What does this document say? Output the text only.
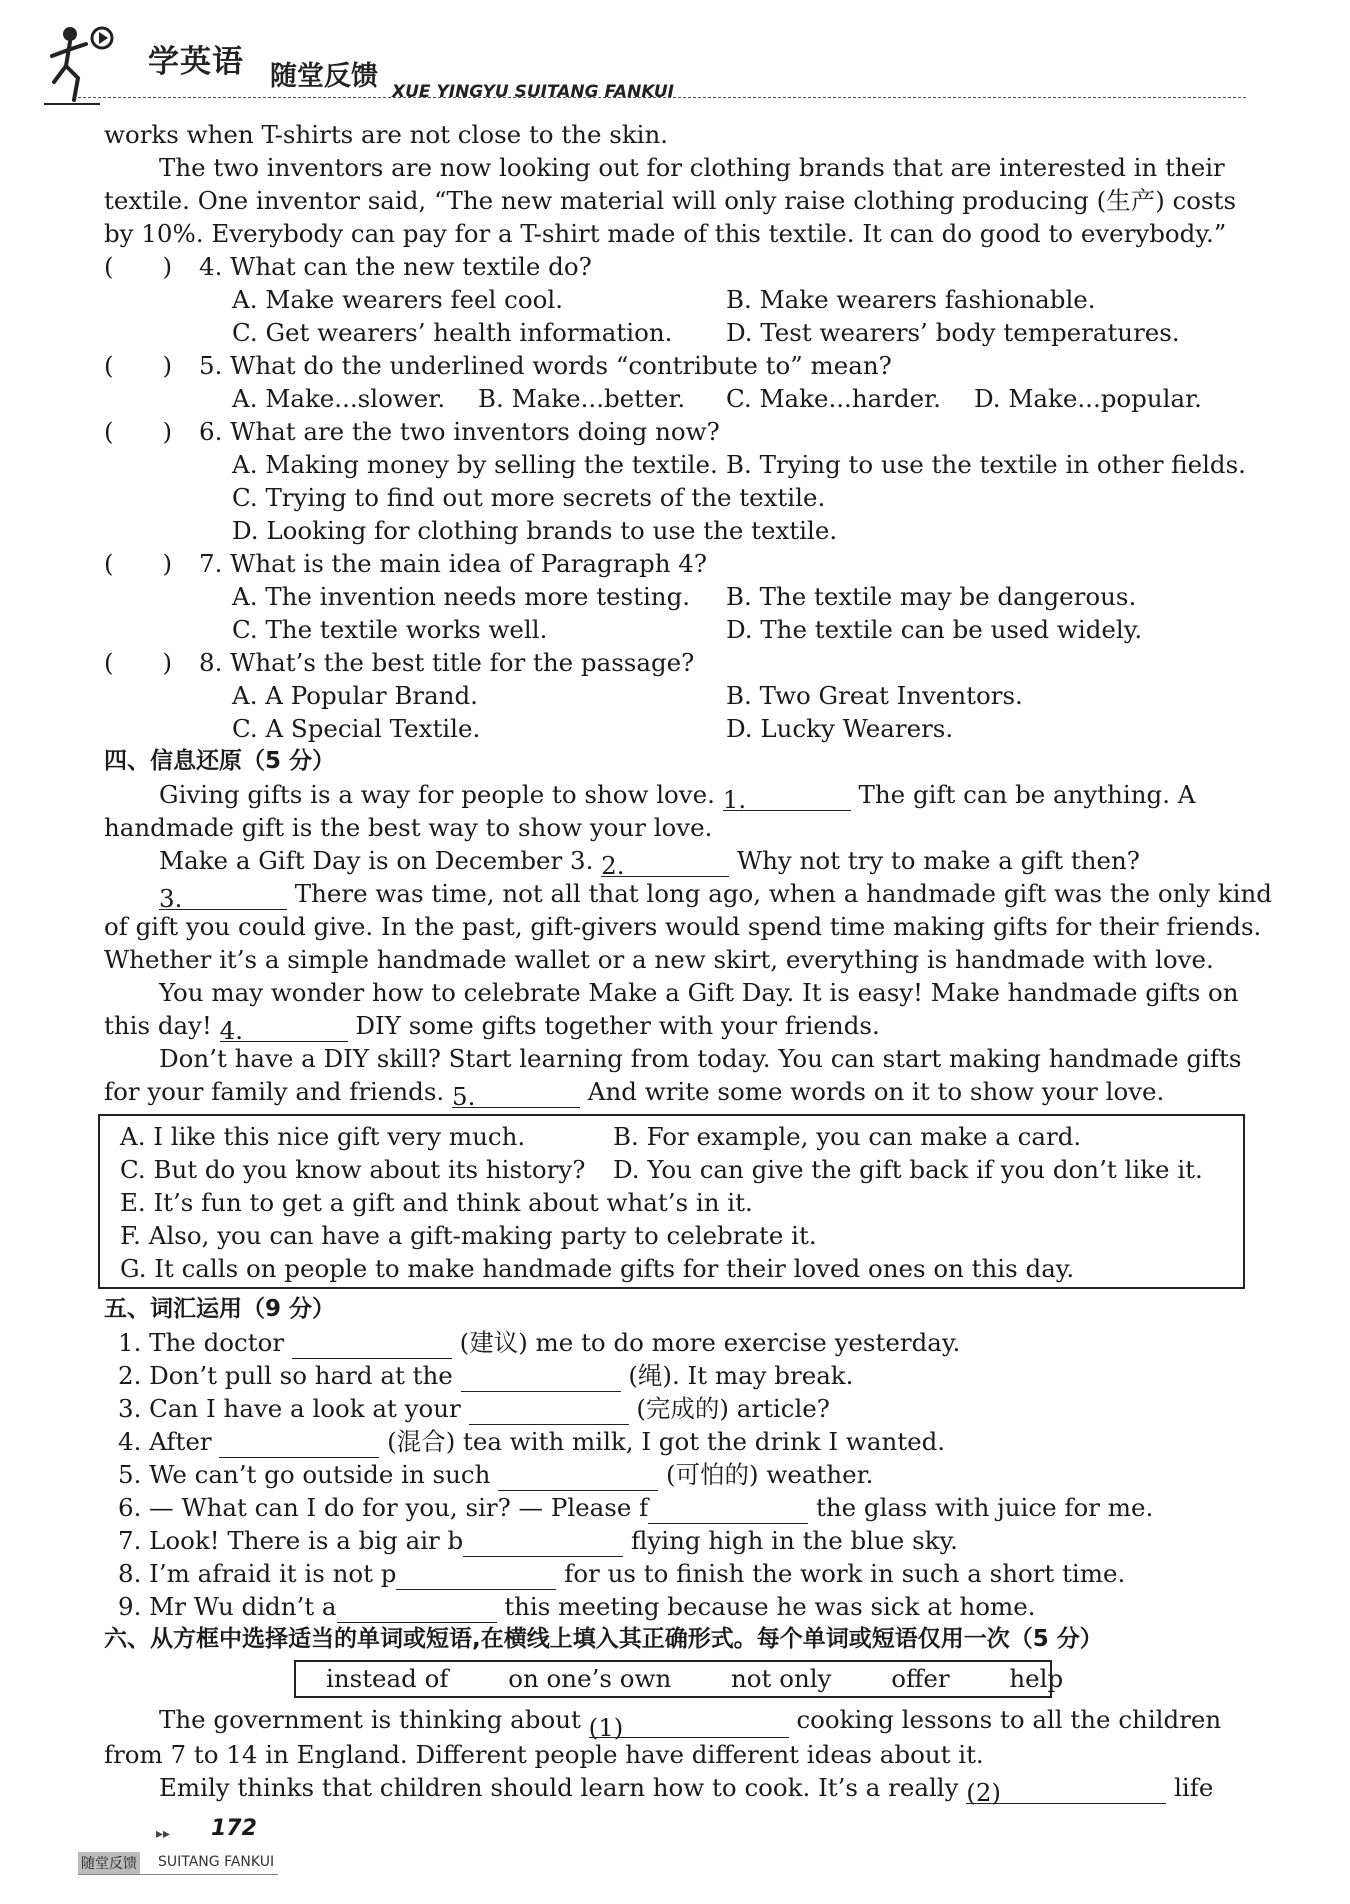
学英语 随堂反馈 XUE YINGYU SUITANG FANKUI
works when T-shirts are not close to the skin.
The two inventors are now looking out for clothing brands that are interested in their
textile. One inventor said, “The new material will only raise clothing producing (生产) costs
by 10%. Everybody can pay for a T-shirt made of this textile. It can do good to everybody.”
(　　) 4. What can the new textile do?
A. Make wearers feel cool.	B. Make wearers fashionable.
C. Get wearers’ health information. D. Test wearers’ body temperatures.
(　　) 5. What do the underlined words “contribute to” mean?
A. Make...slower. B. Make...better. C. Make...harder. D. Make...popular.
(　　) 6. What are the two inventors doing now?
A. Making money by selling the textile. B. Trying to use the textile in other fields.
C. Trying to find out more secrets of the textile.
D. Looking for clothing brands to use the textile.
(　　) 7. What is the main idea of Paragraph 4?
A. The invention needs more testing. B. The textile may be dangerous.
C. The textile works well.	D. The textile can be used widely.
(　　) 8. What’s the best title for the passage?
A. A Popular Brand.	B. Two Great Inventors.
C. A Special Textile.	D. Lucky Wearers.
四、信息还原（5 分）
Giving gifts is a way for people to show love. 1.	The gift can be anything. A
handmade gift is the best way to show your love.
Make a Gift Day is on December 3. 2.	Why not try to make a gift then?
3.	There was time, not all that long ago, when a handmade gift was the only kind
of gift you could give. In the past, gift-givers would spend time making gifts for their friends.
Whether it’s a simple handmade wallet or a new skirt, everything is handmade with love.
You may wonder how to celebrate Make a Gift Day. It is easy! Make handmade gifts on
this day! 4.	DIY some gifts together with your friends.
Don’t have a DIY skill? Start learning from today. You can start making handmade gifts
for your family and friends. 5.	And write some words on it to show your love.
A. I like this nice gift very much.	B. For example, you can make a card.
C. But do you know about its history? D. You can give the gift back if you don’t like it.
E. It’s fun to get a gift and think about what’s in it.
F. Also, you can have a gift-making party to celebrate it.
G. It calls on people to make handmade gifts for their loved ones on this day.
五、词汇运用（9 分）
1. The doctor	(建议) me to do more exercise yesterday.
2. Don’t pull so hard at the	(绳). It may break.
3. Can I have a look at your	(完成的) article?
4. After	(混合) tea with milk, I got the drink I wanted.
5. We can’t go outside in such	(可怕的) weather.
6. — What can I do for you, sir? — Please f	the glass with juice for me.
7. Look! There is a big air b	flying high in the blue sky.
8. I’m afraid it is not p	for us to finish the work in such a short time.
9. Mr Wu didn’t a	this meeting because he was sick at home.
六、从方框中选择适当的单词或短语,在横线上填入其正确形式。每个单词或短语仅用一次（5 分）
instead of on one’s own not only offer help
The government is thinking about (1)	cooking lessons to all the children
from 7 to 14 in England. Different people have different ideas about it.
Emily thinks that children should learn how to cook. It’s a really (2)	life
▸▸ 172
随堂反馈 SUITANG FANKUI
